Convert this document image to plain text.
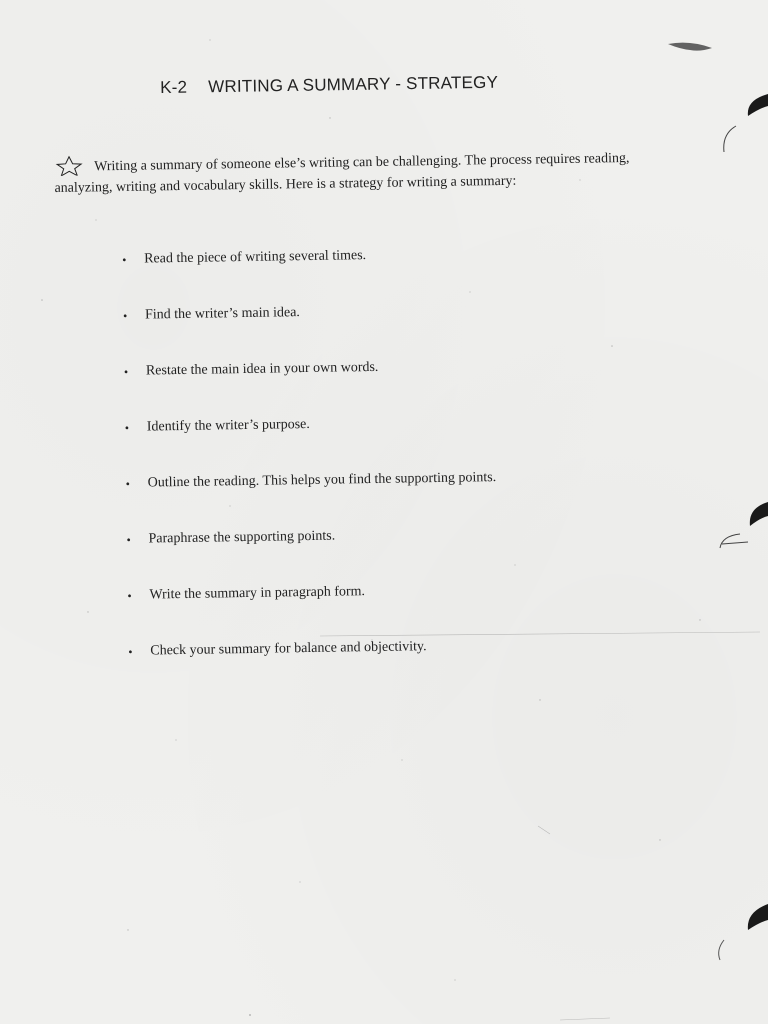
K-2 WRITING A SUMMARY - STRATEGY
Writing a summary of someone else’s writing can be challenging. The process requires reading, analyzing, writing and vocabulary skills. Here is a strategy for writing a summary:
• Read the piece of writing several times.
• Find the writer’s main idea.
• Restate the main idea in your own words.
• Identify the writer’s purpose.
• Outline the reading. This helps you find the supporting points.
• Paraphrase the supporting points.
• Write the summary in paragraph form.
• Check your summary for balance and objectivity.
